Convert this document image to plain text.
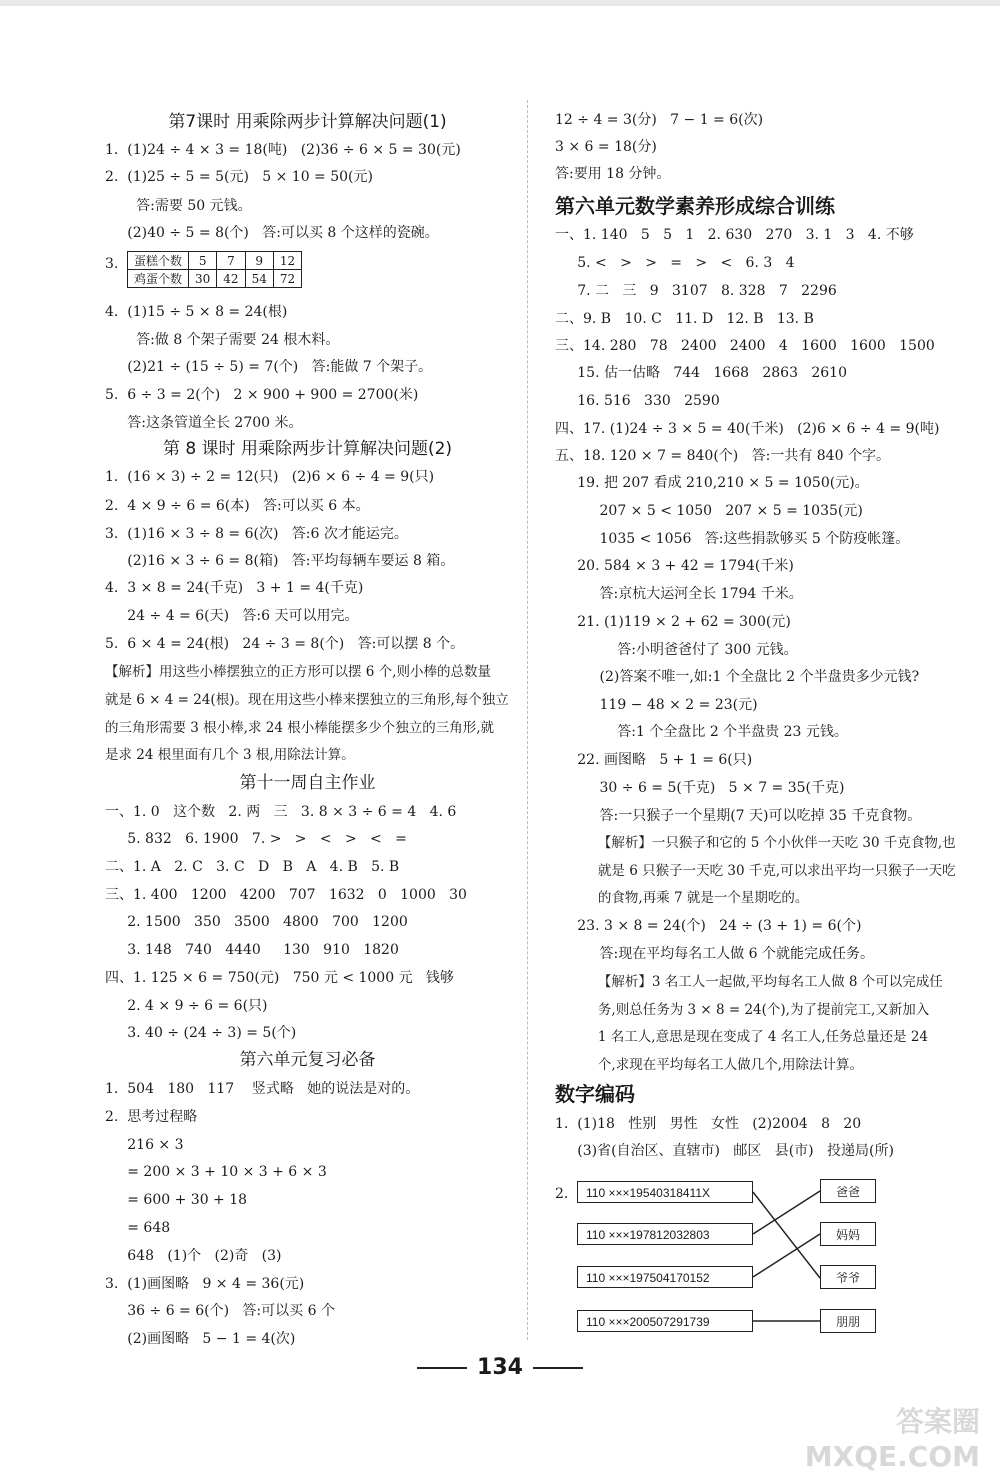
第7课时 用乘除两步计算解决问题(1)
1.  (1)24 ÷ 4 × 3 = 18(吨)   (2)36 ÷ 6 × 5 = 30(元)
2.  (1)25 ÷ 5 = 5(元)   5 × 10 = 50(元)
答:需要 50 元钱。
(2)40 ÷ 5 = 8(个)   答:可以买 8 个这样的瓷碗。
3. 蛋糕个数	5	7	9	12
鸡蛋个数	30	42	54	72
4.  (1)15 ÷ 5 × 8 = 24(根)
答:做 8 个架子需要 24 根木料。
(2)21 ÷ (15 ÷ 5) = 7(个)   答:能做 7 个架子。
5.  6 ÷ 3 = 2(个)   2 × 900 + 900 = 2700(米)
答:这条管道全长 2700 米。
第 8 课时 用乘除两步计算解决问题(2)
1.  (16 × 3) ÷ 2 = 12(只)   (2)6 × 6 ÷ 4 = 9(只)
2.  4 × 9 ÷ 6 = 6(本)   答:可以买 6 本。
3.  (1)16 × 3 ÷ 8 = 6(次)   答:6 次才能运完。
(2)16 × 3 ÷ 6 = 8(箱)   答:平均每辆车要运 8 箱。
4.  3 × 8 = 24(千克)   3 + 1 = 4(千克)
24 ÷ 4 = 6(天)   答:6 天可以用完。
5.  6 × 4 = 24(根)   24 ÷ 3 = 8(个)   答:可以摆 8 个。
【解析】用这些小棒摆独立的正方形可以摆 6 个,则小棒的总数量
就是 6 × 4 = 24(根)。现在用这些小棒来摆独立的三角形,每个独立
的三角形需要 3 根小棒,求 24 根小棒能摆多少个独立的三角形,就
是求 24 根里面有几个 3 根,用除法计算。
第十一周自主作业
一、1. 0   这个数   2. 两   三   3. 8 × 3 ÷ 6 = 4   4. 6
5. 832   6. 1900   7. >   >   <   >   <   =
二、1. A   2. C   3. C   D   B   A   4. B   5. B
三、1. 400   1200   4200   707   1632   0   1000   30
2. 1500   350   3500   4800   700   1200
3. 148   740   4440     130   910   1820
四、1. 125 × 6 = 750(元)   750 元 < 1000 元   钱够
2. 4 × 9 ÷ 6 = 6(只)
3. 40 ÷ (24 ÷ 3) = 5(个)
第六单元复习必备
1.  504   180   117    竖式略   她的说法是对的。
2.  思考过程略
216 × 3
= 200 × 3 + 10 × 3 + 6 × 3
= 600 + 30 + 18
= 648
648   (1)个   (2)奇   (3)
3.  (1)画图略   9 × 4 = 36(元)
36 ÷ 6 = 6(个)   答:可以买 6 个
(2)画图略   5 − 1 = 4(次)
12 ÷ 4 = 3(分)   7 − 1 = 6(次)
3 × 6 = 18(分)
答:要用 18 分钟。
第六单元数学素养形成综合训练
一、1. 140   5   5   1   2. 630   270   3. 1   3   4. 不够
5. <   >   >   =   >   <   6. 3   4
7. 二   三   9   3107   8. 328   7   2296
二、9. B   10. C   11. D   12. B   13. B
三、14. 280   78   2400   2400   4   1600   1600   1500
15. 估一估略   744   1668   2863   2610
16. 516   330   2590
四、17. (1)24 ÷ 3 × 5 = 40(千米)   (2)6 × 6 ÷ 4 = 9(吨)
五、18. 120 × 7 = 840(个)   答:一共有 840 个字。
19. 把 207 看成 210,210 × 5 = 1050(元)。
207 × 5 < 1050   207 × 5 = 1035(元)
1035 < 1056   答:这些捐款够买 5 个防疫帐篷。
20. 584 × 3 + 42 = 1794(千米)
答:京杭大运河全长 1794 千米。
21. (1)119 × 2 + 62 = 300(元)
答:小明爸爸付了 300 元钱。
(2)答案不唯一,如:1 个全盘比 2 个半盘贵多少元钱?
119 − 48 × 2 = 23(元)
答:1 个全盘比 2 个半盘贵 23 元钱。
22. 画图略   5 + 1 = 6(只)
30 ÷ 6 = 5(千克)   5 × 7 = 35(千克)
答:一只猴子一个星期(7 天)可以吃掉 35 千克食物。
【解析】一只猴子和它的 5 个小伙伴一天吃 30 千克食物,也
就是 6 只猴子一天吃 30 千克,可以求出平均一只猴子一天吃
的食物,再乘 7 就是一个星期吃的。
23. 3 × 8 = 24(个)   24 ÷ (3 + 1) = 6(个)
答:现在平均每名工人做 6 个就能完成任务。
【解析】3 名工人一起做,平均每名工人做 8 个可以完成任
务,则总任务为 3 × 8 = 24(个),为了提前完工,又新加入
1 名工人,意思是现在变成了 4 名工人,任务总量还是 24
个,求现在平均每名工人做几个,用除法计算。
数字编码
1.  (1)18   性别   男性   女性   (2)2004   8   20
(3)省(自治区、直辖市)   邮区   县(市)   投递局(所)
2.	110 ×××19540318411X
110 ×××197812032803
110 ×××197504170152
110 ×××200507291739
爸爸
妈妈
爷爷
朋朋
134
答案圈
MXQE.COM
